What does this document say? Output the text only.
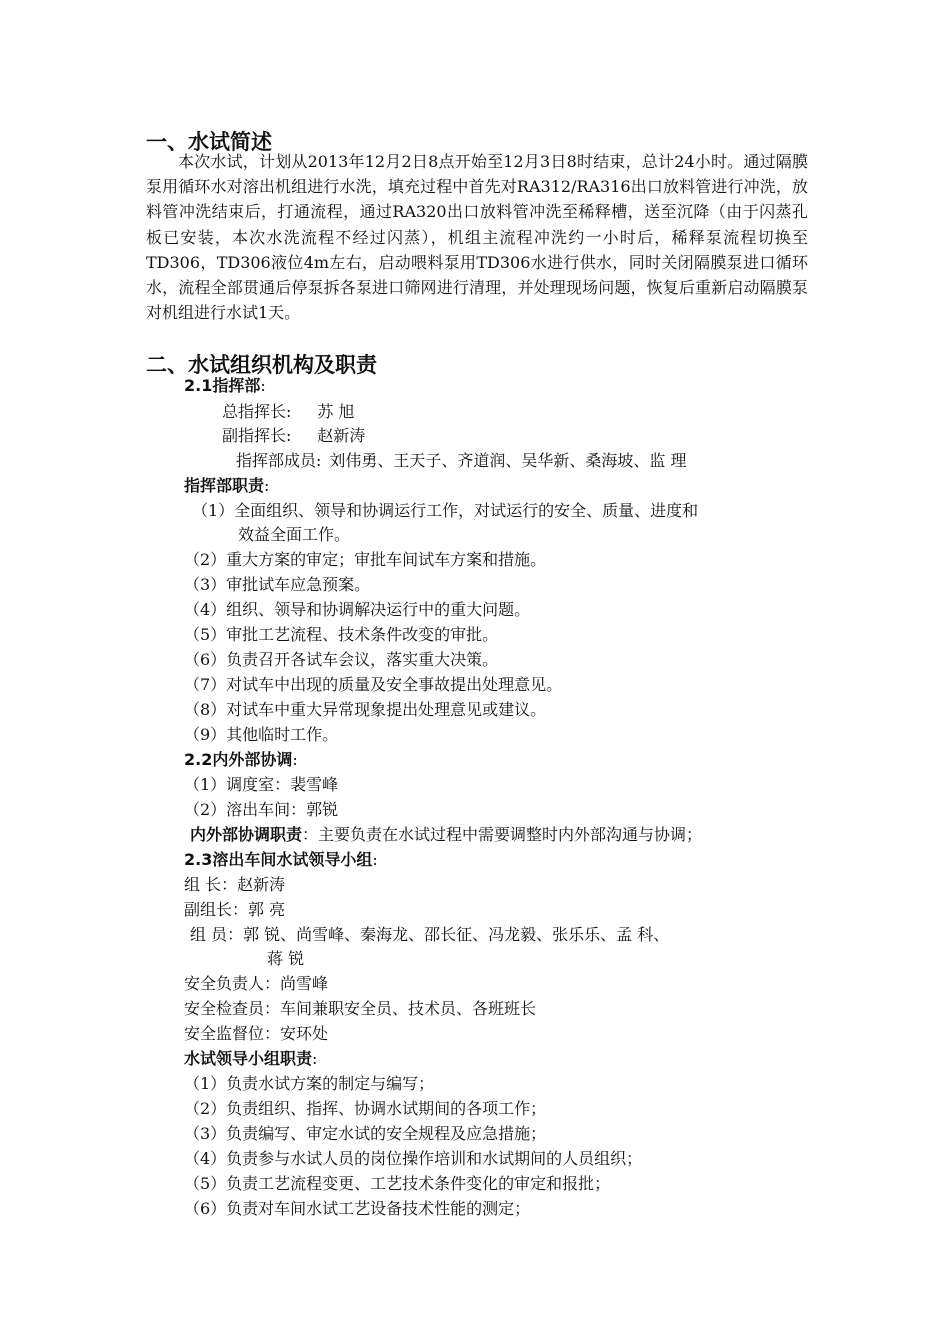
一、水试简述

本次水试，计划从2013年12月2日8点开始至12月3日8时结束，总计24小时。通过隔膜泵用循环水对溶出机组进行水洗，填充过程中首先对RA312/RA316出口放料管进行冲洗，放料管冲洗结束后，打通流程，通过RA320出口放料管冲洗至稀释槽，送至沉降（由于闪蒸孔板已安装，本次水洗流程不经过闪蒸），机组主流程冲洗约一小时后，稀释泵流程切换至TD306，TD306液位4m左右，启动喂料泵用TD306水进行供水，同时关闭隔膜泵进口循环水，流程全部贯通后停泵拆各泵进口筛网进行清理，并处理现场问题，恢复后重新启动隔膜泵对机组进行水试1天。

二、水试组织机构及职责
2.1指挥部:
总指挥长: 苏 旭
副指挥长: 赵新涛
指挥部成员: 刘伟勇、王天子、齐道润、吴华新、桑海坡、监 理
指挥部职责:
（1）全面组织、领导和协调运行工作，对试运行的安全、质量、进度和
效益全面工作。
（2）重大方案的审定；审批车间试车方案和措施。
（3）审批试车应急预案。
（4）组织、领导和协调解决运行中的重大问题。
（5）审批工艺流程、技术条件改变的审批。
（6）负责召开各试车会议，落实重大决策。
（7）对试车中出现的质量及安全事故提出处理意见。
（8）对试车中重大异常现象提出处理意见或建议。
（9）其他临时工作。
2.2内外部协调:
（1）调度室：裴雪峰
（2）溶出车间：郭锐
内外部协调职责：主要负责在水试过程中需要调整时内外部沟通与协调；
2.3溶出车间水试领导小组:
组 长：赵新涛
副组长：郭 亮
组 员：郭 锐、尚雪峰、秦海龙、邵长征、冯龙毅、张乐乐、孟 科、
蒋 锐
安全负责人：尚雪峰
安全检查员：车间兼职安全员、技术员、各班班长
安全监督位：安环处
水试领导小组职责:
（1）负责水试方案的制定与编写；
（2）负责组织、指挥、协调水试期间的各项工作；
（3）负责编写、审定水试的安全规程及应急措施；
（4）负责参与水试人员的岗位操作培训和水试期间的人员组织；
（5）负责工艺流程变更、工艺技术条件变化的审定和报批；
（6）负责对车间水试工艺设备技术性能的测定；
